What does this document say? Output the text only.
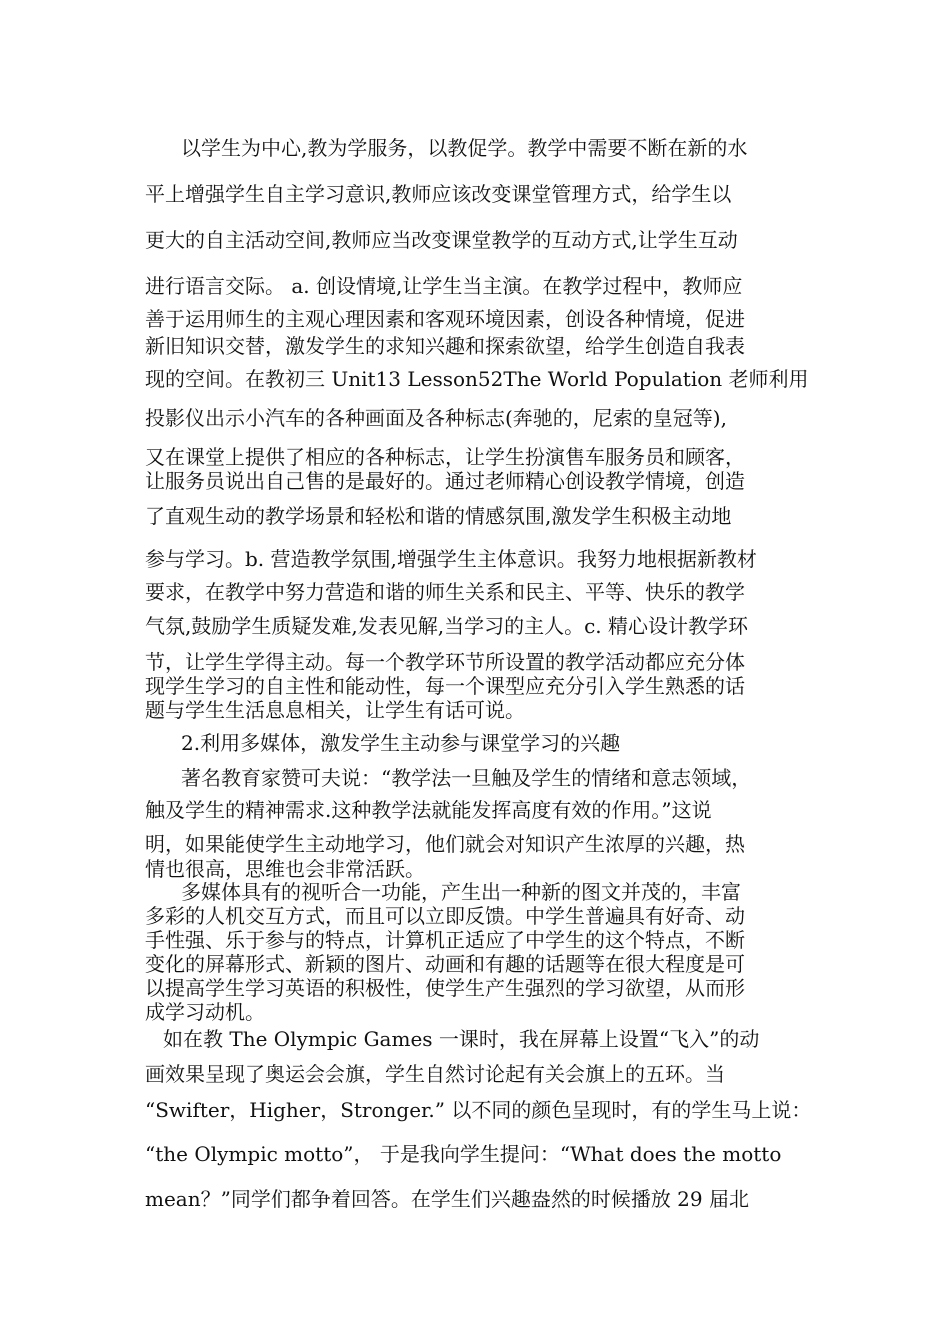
以学生为中心,教为学服务，以教促学。教学中需要不断在新的水
平上增强学生自主学习意识,教师应该改变课堂管理方式，给学生以
更大的自主活动空间,教师应当改变课堂教学的互动方式,让学生互动
进行语言交际。 a. 创设情境,让学生当主演。在教学过程中，教师应
善于运用师生的主观心理因素和客观环境因素，创设各种情境，促进
新旧知识交替，激发学生的求知兴趣和探索欲望，给学生创造自我表
现的空间。在教初三 Unit13 Lesson52The World Population 老师利用
投影仪出示小汽车的各种画面及各种标志(奔驰的，尼索的皇冠等),
又在课堂上提供了相应的各种标志，让学生扮演售车服务员和顾客，
让服务员说出自己售的是最好的。通过老师精心创设教学情境，创造
了直观生动的教学场景和轻松和谐的情感氛围,激发学生积极主动地
参与学习。b. 营造教学氛围,增强学生主体意识。我努力地根据新教材
要求，在教学中努力营造和谐的师生关系和民主、平等、快乐的教学
气氛,鼓励学生质疑发难,发表见解,当学习的主人。c. 精心设计教学环
节，让学生学得主动。每一个教学环节所设置的教学活动都应充分体
现学生学习的自主性和能动性，每一个课型应充分引入学生熟悉的话
题与学生生活息息相关，让学生有话可说。
2.利用多媒体，激发学生主动参与课堂学习的兴趣
著名教育家赞可夫说：“教学法一旦触及学生的情绪和意志领域，
触及学生的精神需求.这种教学法就能发挥高度有效的作用。”这说
明，如果能使学生主动地学习，他们就会对知识产生浓厚的兴趣，热
情也很高，思维也会非常活跃。
多媒体具有的视听合一功能，产生出一种新的图文并茂的，丰富
多彩的人机交互方式，而且可以立即反馈。中学生普遍具有好奇、动
手性强、乐于参与的特点，计算机正适应了中学生的这个特点，不断
变化的屏幕形式、新颖的图片、动画和有趣的话题等在很大程度是可
以提高学生学习英语的积极性，使学生产生强烈的学习欲望，从而形
成学习动机。
如在教 The Olympic Games 一课时，我在屏幕上设置“飞入”的动
画效果呈现了奥运会会旗，学生自然讨论起有关会旗上的五环。当
“Swifter，Higher，Stronger.” 以不同的颜色呈现时，有的学生马上说：
“the Olympic motto”， 于是我向学生提问：“What does the motto
mean？”同学们都争着回答。在学生们兴趣盎然的时候播放 29 届北
